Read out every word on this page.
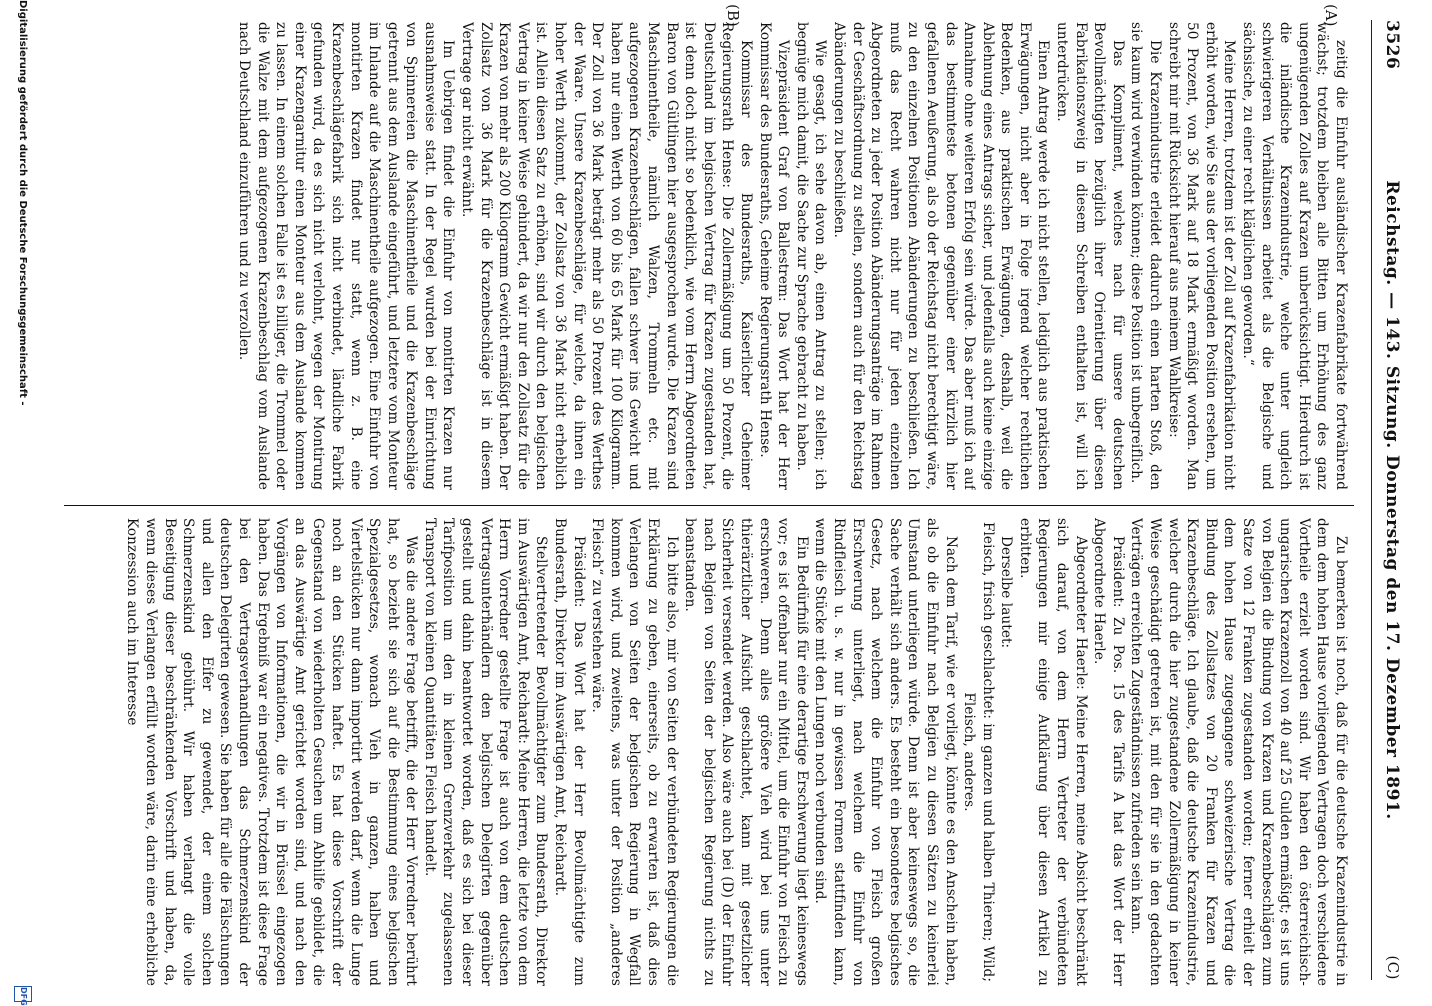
3526
Reichstag. — 143. Sitzung. Donnerstag den 17. Dezember 1891.
(C)
(A)
(B)

zeitig die Einfuhr ausländischer Krazenfabrikate fortwährend wächst; trotzdem bleiben alle Bitten um Erhöhung des ganz ungenügenden Zolles auf Krazen unberücksichtigt. Hierdurch ist die inländische Krazenindustrie, welche unter ungleich schwierigeren Verhältnissen arbeitet als die Belgische und sächsische, zu einer recht kläglichen geworden.“

Meine Herren, trotzdem ist der Zoll auf Krazenfabrikation nicht erhöht worden, wie Sie aus der vorliegenden Position ersehen, um 50 Prozent, von 36 Mark auf 18 Mark ermäßigt worden. Man schreibt mir mit Rücksicht hierauf aus meinem Wahlkreise:

Die Krazenindustrie erleidet dadurch einen harten Stoß, den sie kaum wird verwinden können; diese Position ist unbegreiflich.

Das Kompliment, welches nach für unsere deutschen Bevollmächtigten bezüglich ihrer Orientierung über diesen Fabrikationszweig in diesem Schreiben enthalten ist, will ich unterdrücken.

Einen Antrag werde ich nicht stellen, lediglich aus praktischen Erwägungen, nicht aber in Folge irgend welcher rechtlichen Bedenken, aus praktischen Erwägungen, deshalb, weil die Ablehnung eines Antrags sicher, und jedenfalls auch keine einzige Annahme ohne weiteren Erfolg sein würde. Das aber muß ich auf das bestimmteste betonen gegenüber einer kürzlich hier gefallenen Aeußerung, als ob der Reichstag nicht berechtigt wäre, zu den einzelnen Positionen Abänderungen zu beschließen. Ich muß das Recht wahren nicht nur für jeden einzelnen Abgeordneten zu jeder Position Abänderungsanträge im Rahmen der Geschäftsordnung zu stellen, sondern auch für den Reichstag Abänderungen zu beschließen.

Wie gesagt, ich sehe davon ab, einen Antrag zu stellen; ich begnüge mich damit, die Sache zur Sprache gebracht zu haben.

Vizepräsident Graf von Ballestrem: Das Wort hat der Herr Kommissar des Bundesraths, Geheime Regierungsrath Hense.

Kommissar des Bundesraths, Kaiserlicher Geheimer Regierungsrath Hense: Die Zollermäßigung um 50 Prozent, die Deutschland im belgischen Vertrag für Krazen zugestanden hat, ist denn doch nicht so bedenklich, wie vom Herrn Abgeordneten Baron von Gültlingen hier ausgesprochen wurde. Die Krazen sind Maschinentheile, nämlich Walzen, Trommeln etc. mit aufgezogenen Krazenbeschlägen, fallen schwer ins Gewicht und haben nur einen Werth von 60 bis 65 Mark für 100 Kilogramm. Der Zoll von 36 Mark beträgt mehr als 50 Prozent des Werthes der Waare. Unsere Krazenbeschläge, für welche, da ihnen ein hoher Werth zukommt, der Zollsatz von 36 Mark nicht erheblich ist. Allein diesen Satz zu erhöhen, sind wir durch den belgischen Vertrag in keiner Weise gehindert, da wir nur den Zollsatz für die Krazen von mehr als 200 Kilogramm Gewicht ermäßigt haben. Der Zollsatz von 36 Mark für die Krazenbeschläge ist in diesem Vertrage gar nicht erwähnt.

Im Uebrigen findet die Einfuhr von montirten Krazen nur ausnahmsweise statt. In der Regel wurden bei der Einrichtung von Spinnereien die Maschinentheile und die Krazenbeschläge getrennt aus dem Auslande eingeführt, und letztere vom Monteur im Inlande auf die Maschinentheile aufgezogen. Eine Einfuhr von montirten Krazen findet nur statt, wenn z. B. eine Krazenbeschlägefabrik sich nicht verbindet, ländliche Fabrik gefunden wird, da es sich nicht verlohnt, wegen der Montirung einer Krazengarnitur einen Monteur aus dem Auslande kommen zu lassen. In einem solchen Falle ist es billiger, die Trommel oder die Walze mit dem aufgezogenen Krazenbeschlag vom Auslande nach Deutschland einzuführen und zu verzollen.

Zu bemerken ist noch, daß für die deutsche Krazenindustrie in dem dem hohen Hause vorliegenden Vertragen doch verschiedene Vortheile erzielt worden sind. Wir haben den österreichisch-ungarischen Krazenzoll von 40 auf 25 Gulden ermäßigt; es ist uns von Belgien die Bindung von Krazen und Krazenbeschlägen zum Satze von 12 Franken zugestanden worden; ferner erhielt der dem hohen Hause zugegangene schweizerische Vertrag die Bindung des Zollsatzes von 20 Franken für Krazen und Krazenbeschläge. Ich glaube, daß die deutsche Krazenindustrie, welcher durch die hier zugestandene Zollermäßigung in keiner Weise geschädigt getreten ist, mit den für sie in den gedachten Verträgen erreichten Zugeständnissen zufrieden sein kann.

Präsident: Zu Pos. 15 des Tarifs A hat das Wort der Herr Abgeordnete Haerle.

Abgeordneter Haerle: Meine Herren, meine Absicht beschränkt sich darauf, von dem Herrn Vertreter der verbündeten Regierungen mir einige Aufklärung über diesen Artikel zu erbitten.

Derselbe lautet:

Fleisch, frisch geschlachtet: im ganzen und halben Thieren; Wild; Fleisch, anderes.

Nach dem Tarif, wie er vorliegt, könnte es den Anschein haben, als ob die Einfuhr nach Belgien zu diesen Sätzen zu keinerlei Umstand unterliegen würde. Denn ist aber keineswegs so, die Sache verhält sich anders. Es besteht ein besonderes belgisches Gesetz, nach welchem die Einfuhr von Fleisch großen Erschwerung unterliegt, nach welchem die Einfuhr von Rindfleisch u. s. w. nur in gewissen Formen stattfinden kann, wenn die Stücke mit den Lungen noch verbunden sind.

Ein Bedürfniß für eine derartige Erschwerung liegt keineswegs vor; es ist offenbar nur ein Mittel, um die Einfuhr von Fleisch zu erschweren. Denn alles größere Vieh wird bei uns unter thierärztlicher Aufsicht geschlachtet, kann mit gesetzlicher Sicherheit versendet werden. Also wäre auch bei (D) der Einfuhr nach Belgien von Seiten der belgischen Regierung nichts zu beanstanden.

Ich bitte also, mir von Seiten der verbündeten Regierungen die Erklärung zu geben, einerseits, ob zu erwarten ist, daß dies Verlangen von Seiten der belgischen Regierung in Wegfall kommen wird, und zweitens, was unter der Position „anderes Fleisch“ zu verstehen wäre.

Präsident: Das Wort hat der Herr Bevollmächtigte zum Bundesrath, Direktor im Auswärtigen Amt, Reichardt.

Stellvertretender Bevollmächtigter zum Bundesrath, Direktor im Auswärtigen Amt, Reichardt: Meine Herren, die letzte von dem Herrn Vorredner gestellte Frage ist auch von dem deutschen Vertragsunterhändlern den belgischen Delegirten gegenüber gestellt und dahin beantwortet worden, daß es sich bei dieser Tarifposition um den in kleinen Grenzverkehr zugelassenen Transport von kleinen Quantitäten Fleisch handelt.

Was die andere Frage betrifft, die der Herr Vorredner berührt hat, so bezieht sie sich auf die Bestimmung eines belgischen Spezialgesetzes, wonach Vieh in ganzen, halben und Viertelstücken nur dann importirt werden darf, wenn die Lunge noch an den Stücken haftet. Es hat diese Vorschrift der Gegenstand von wiederholten Gesuchen um Abhilfe gebildet, die an das Auswärtige Amt gerichtet worden sind, und nach den Vorgängen von Informationen, die wir in Brüssel eingezogen haben. Das Ergebniß war ein negatives. Trotzdem ist diese Frage bei den Vertragsverhandlungen das Schmerzenskind der deutschen Delegirten gewesen. Sie haben für alle die Fälschungen und allen den Eifer zu gewendet, der einem solchen Schmerzenskind gebührt. Wir haben verlangt die volle Beseitigung dieser beschränkenden Vorschrift und haben, da, wenn dieses Verlangen erfüllt worden wäre, darin eine erhebliche Konzession auch im Interesse

Digitalisierung gefördert durch die Deutsche Forschungsgemeinschaft -
DFG
